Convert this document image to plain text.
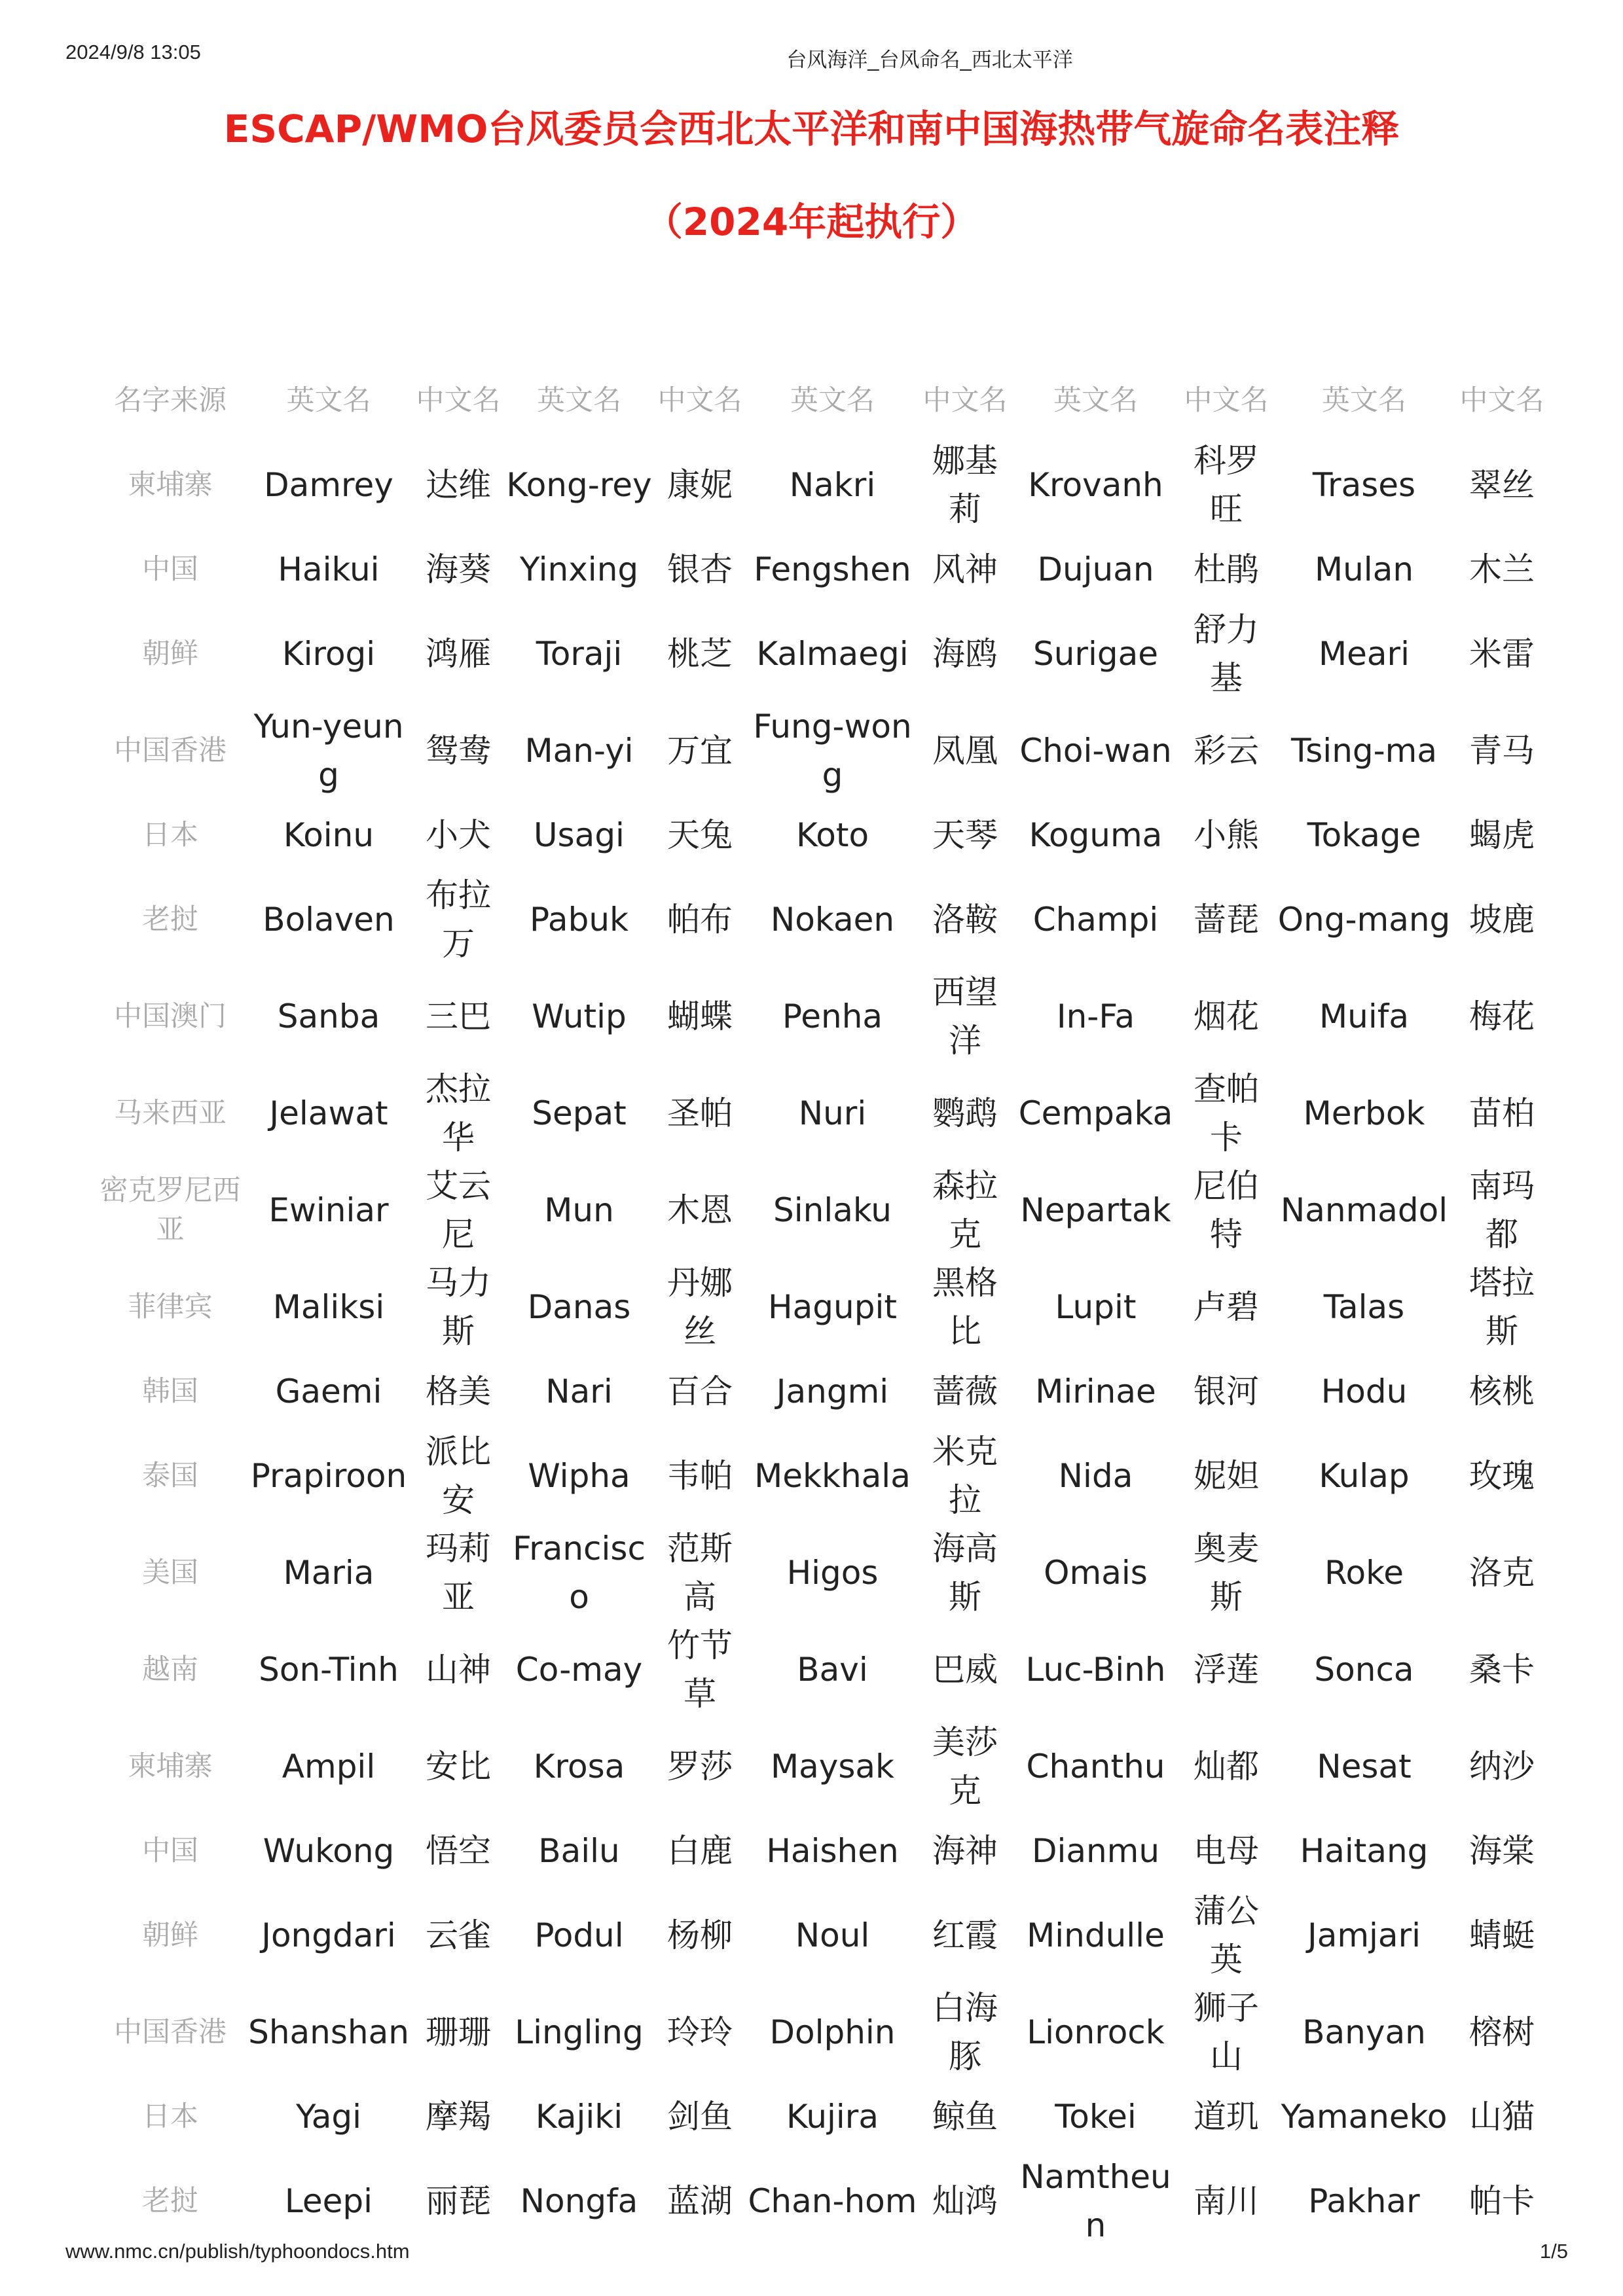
2024/9/8 13:05	台风海洋_台风命名_西北太平洋
ESCAP/WMO台风委员会西北太平洋和南中国海热带气旋命名表注释
（2024年起执行）
名字来源	英文名	中文名	英文名	中文名	英文名	中文名	英文名	中文名	英文名	中文名
柬埔寨	Damrey	达维	Kong-rey	康妮	Nakri	娜基莉	Krovanh	科罗旺	Trases	翠丝
中国	Haikui	海葵	Yinxing	银杏	Fengshen	风神	Dujuan	杜鹃	Mulan	木兰
朝鲜	Kirogi	鸿雁	Toraji	桃芝	Kalmaegi	海鸥	Surigae	舒力基	Meari	米雷
中国香港	Yun-yeung	鸳鸯	Man-yi	万宜	Fung-wong	凤凰	Choi-wan	彩云	Tsing-ma	青马
日本	Koinu	小犬	Usagi	天兔	Koto	天琴	Koguma	小熊	Tokage	蝎虎
老挝	Bolaven	布拉万	Pabuk	帕布	Nokaen	洛鞍	Champi	蔷琵	Ong-mang	坡鹿
中国澳门	Sanba	三巴	Wutip	蝴蝶	Penha	西望洋	In-Fa	烟花	Muifa	梅花
马来西亚	Jelawat	杰拉华	Sepat	圣帕	Nuri	鹦鹉	Cempaka	查帕卡	Merbok	苗柏
密克罗尼西亚	Ewiniar	艾云尼	Mun	木恩	Sinlaku	森拉克	Nepartak	尼伯特	Nanmadol	南玛都
菲律宾	Maliksi	马力斯	Danas	丹娜丝	Hagupit	黑格比	Lupit	卢碧	Talas	塔拉斯
韩国	Gaemi	格美	Nari	百合	Jangmi	蔷薇	Mirinae	银河	Hodu	核桃
泰国	Prapiroon	派比安	Wipha	韦帕	Mekkhala	米克拉	Nida	妮妲	Kulap	玫瑰
美国	Maria	玛莉亚	Francisco	范斯高	Higos	海高斯	Omais	奥麦斯	Roke	洛克
越南	Son-Tinh	山神	Co-may	竹节草	Bavi	巴威	Luc-Binh	浮莲	Sonca	桑卡
柬埔寨	Ampil	安比	Krosa	罗莎	Maysak	美莎克	Chanthu	灿都	Nesat	纳沙
中国	Wukong	悟空	Bailu	白鹿	Haishen	海神	Dianmu	电母	Haitang	海棠
朝鲜	Jongdari	云雀	Podul	杨柳	Noul	红霞	Mindulle	蒲公英	Jamjari	蜻蜓
中国香港	Shanshan	珊珊	Lingling	玲玲	Dolphin	白海豚	Lionrock	狮子山	Banyan	榕树
日本	Yagi	摩羯	Kajiki	剑鱼	Kujira	鲸鱼	Tokei	道玑	Yamaneko	山猫
老挝	Leepi	丽琵	Nongfa	蓝湖	Chan-hom	灿鸿	Namtheun	南川	Pakhar	帕卡
www.nmc.cn/publish/typhoondocs.htm	1/5
